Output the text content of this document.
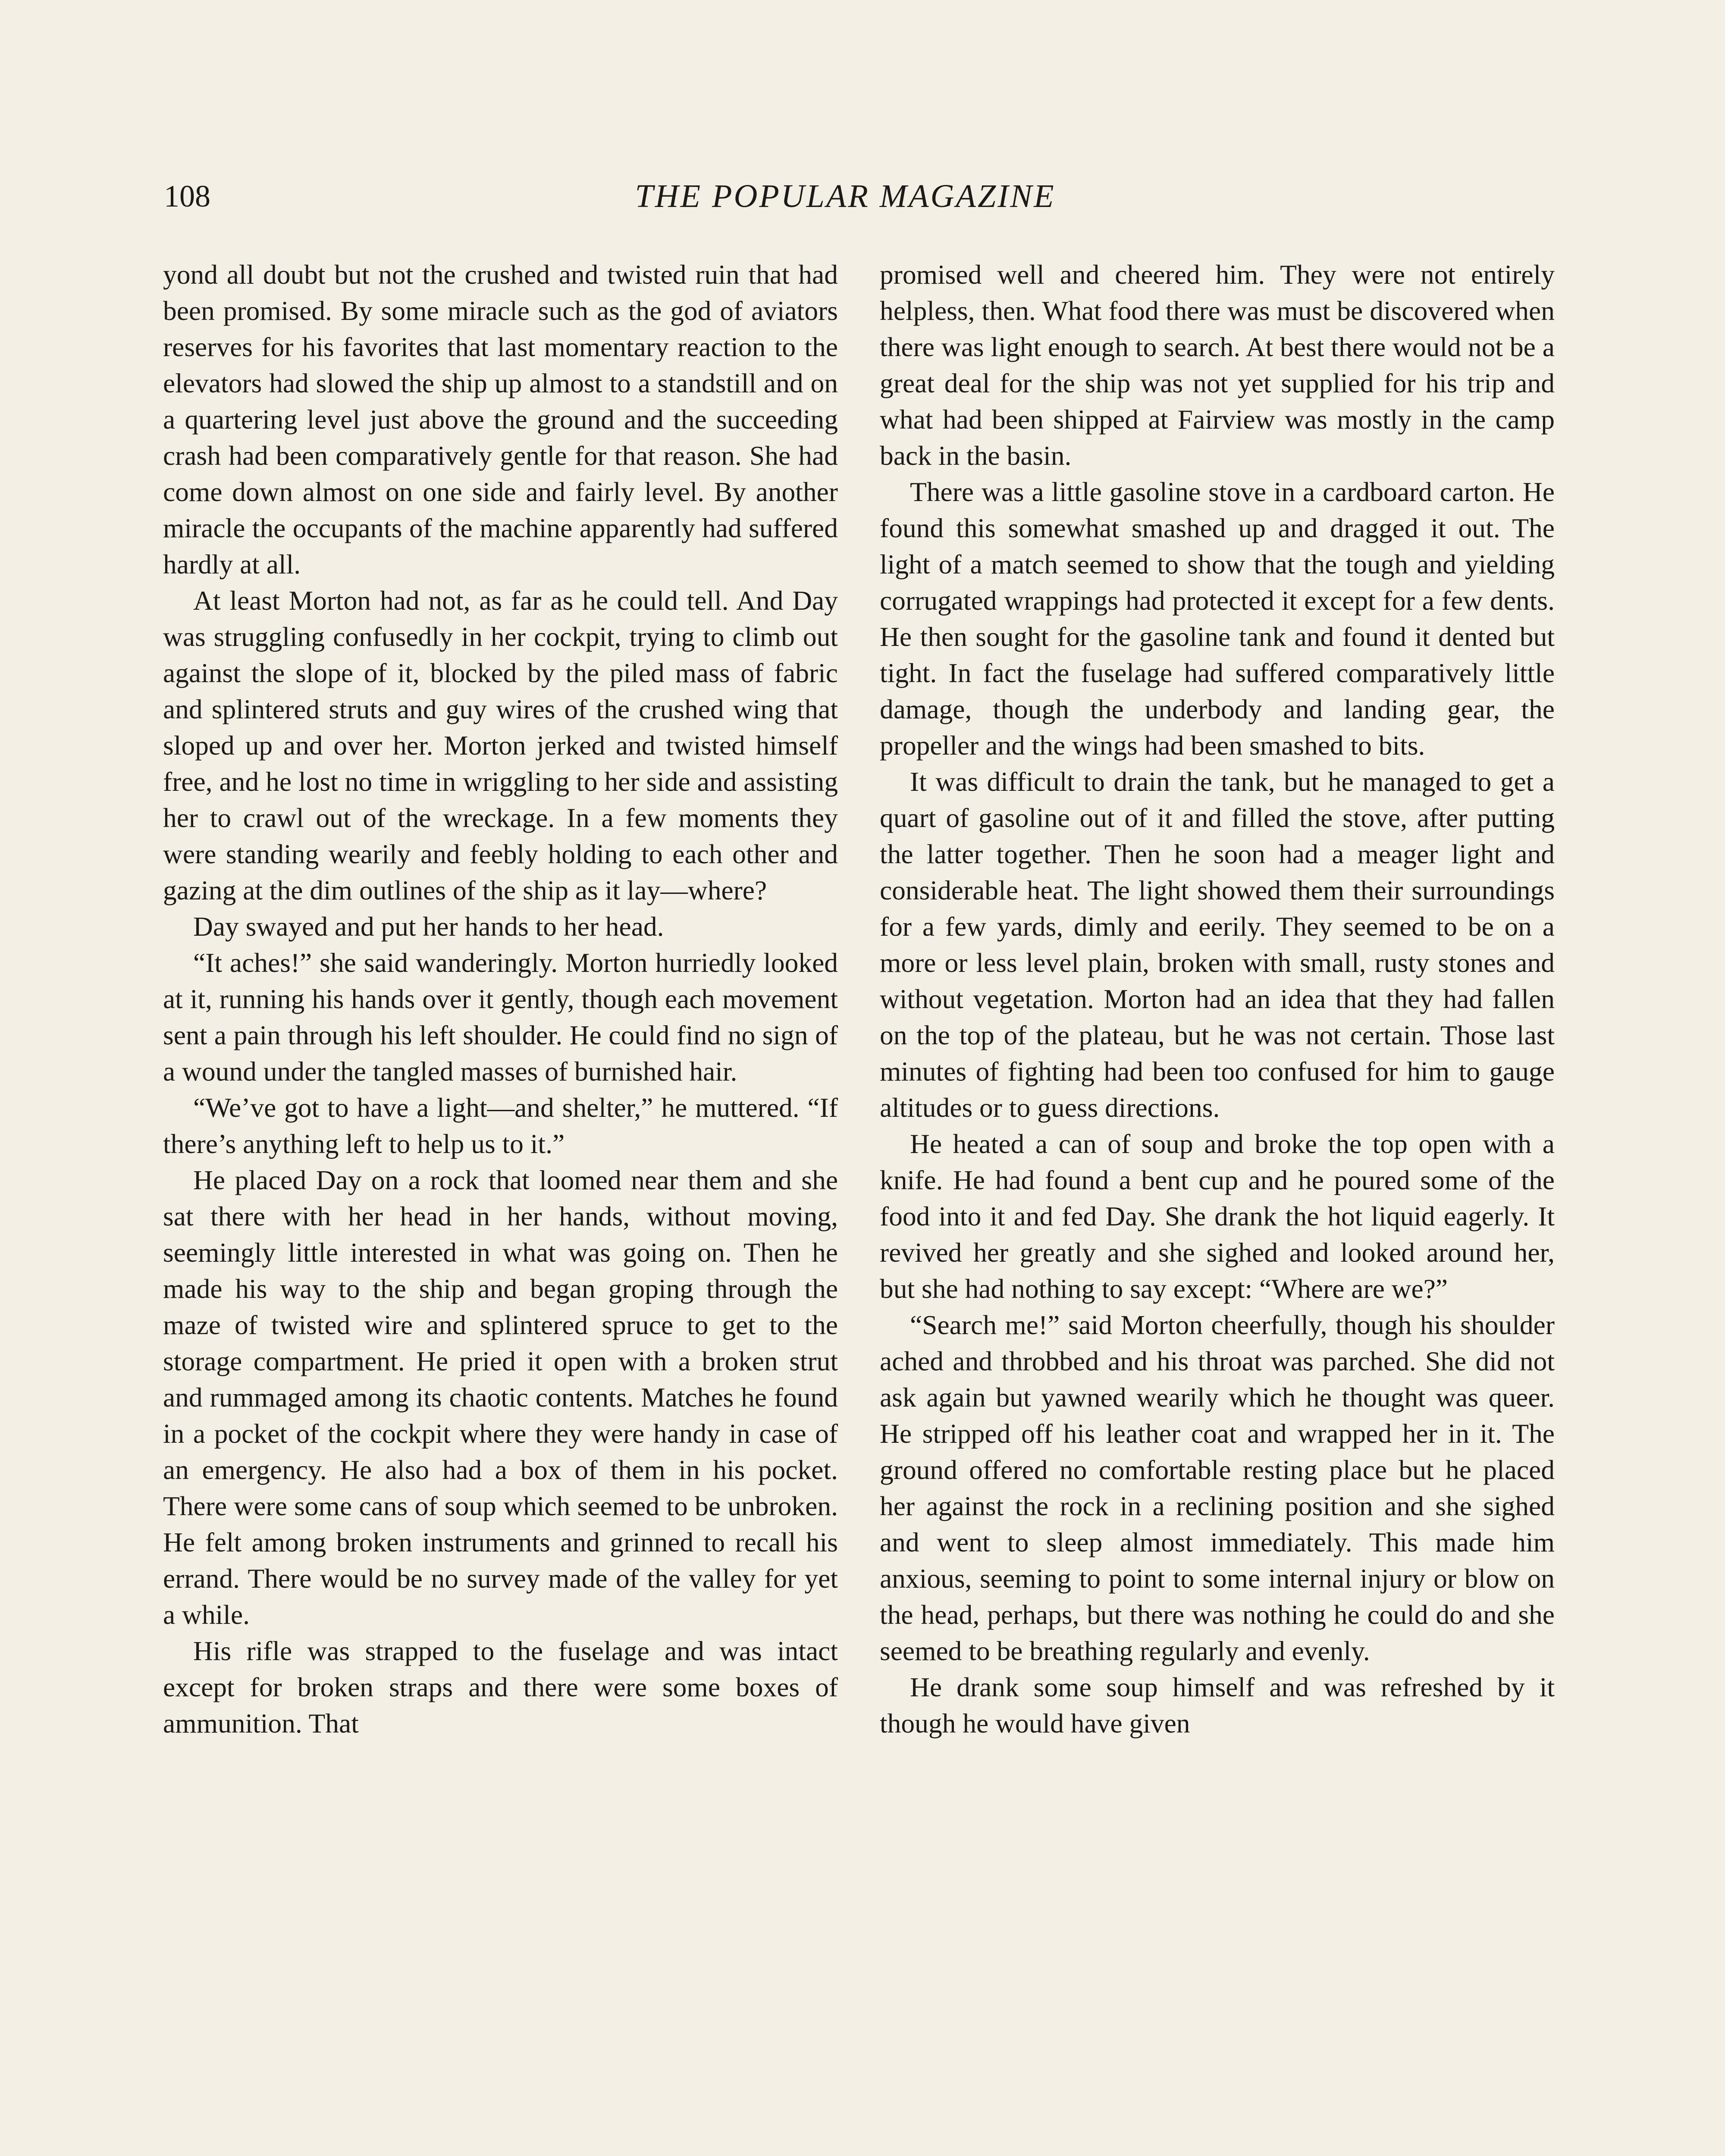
108	THE POPULAR MAGAZINE

yond all doubt but not the crushed and twisted ruin that had been promised. By some miracle such as the god of aviators reserves for his favorites that last momentary reaction to the elevators had slowed the ship up almost to a standstill and on a quartering level just above the ground and the succeeding crash had been comparatively gentle for that reason. She had come down almost on one side and fairly level. By another miracle the occupants of the machine apparently had suffered hardly at all.

At least Morton had not, as far as he could tell. And Day was struggling confusedly in her cockpit, trying to climb out against the slope of it, blocked by the piled mass of fabric and splintered struts and guy wires of the crushed wing that sloped up and over her. Morton jerked and twisted himself free, and he lost no time in wriggling to her side and assisting her to crawl out of the wreckage. In a few moments they were standing wearily and feebly holding to each other and gazing at the dim outlines of the ship as it lay—where?

Day swayed and put her hands to her head.

“It aches!” she said wanderingly. Morton hurriedly looked at it, running his hands over it gently, though each movement sent a pain through his left shoulder. He could find no sign of a wound under the tangled masses of burnished hair.

“We’ve got to have a light—and shelter,” he muttered. “If there’s anything left to help us to it.”

He placed Day on a rock that loomed near them and she sat there with her head in her hands, without moving, seemingly little interested in what was going on. Then he made his way to the ship and began groping through the maze of twisted wire and splintered spruce to get to the storage compartment. He pried it open with a broken strut and rummaged among its chaotic contents. Matches he found in a pocket of the cockpit where they were handy in case of an emergency. He also had a box of them in his pocket. There were some cans of soup which seemed to be unbroken. He felt among broken instruments and grinned to recall his errand. There would be no survey made of the valley for yet a while.

His rifle was strapped to the fuselage and was intact except for broken straps and there were some boxes of ammunition. That

promised well and cheered him. They were not entirely helpless, then. What food there was must be discovered when there was light enough to search. At best there would not be a great deal for the ship was not yet supplied for his trip and what had been shipped at Fairview was mostly in the camp back in the basin.

There was a little gasoline stove in a cardboard carton. He found this somewhat smashed up and dragged it out. The light of a match seemed to show that the tough and yielding corrugated wrappings had protected it except for a few dents. He then sought for the gasoline tank and found it dented but tight. In fact the fuselage had suffered comparatively little damage, though the underbody and landing gear, the propeller and the wings had been smashed to bits.

It was difficult to drain the tank, but he managed to get a quart of gasoline out of it and filled the stove, after putting the latter together. Then he soon had a meager light and considerable heat. The light showed them their surroundings for a few yards, dimly and eerily. They seemed to be on a more or less level plain, broken with small, rusty stones and without vegetation. Morton had an idea that they had fallen on the top of the plateau, but he was not certain. Those last minutes of fighting had been too confused for him to gauge altitudes or to guess directions.

He heated a can of soup and broke the top open with a knife. He had found a bent cup and he poured some of the food into it and fed Day. She drank the hot liquid eagerly. It revived her greatly and she sighed and looked around her, but she had nothing to say except: “Where are we?”

“Search me!” said Morton cheerfully, though his shoulder ached and throbbed and his throat was parched. She did not ask again but yawned wearily which he thought was queer. He stripped off his leather coat and wrapped her in it. The ground offered no comfortable resting place but he placed her against the rock in a reclining position and she sighed and went to sleep almost immediately. This made him anxious, seeming to point to some internal injury or blow on the head, perhaps, but there was nothing he could do and she seemed to be breathing regularly and evenly.

He drank some soup himself and was refreshed by it though he would have given
